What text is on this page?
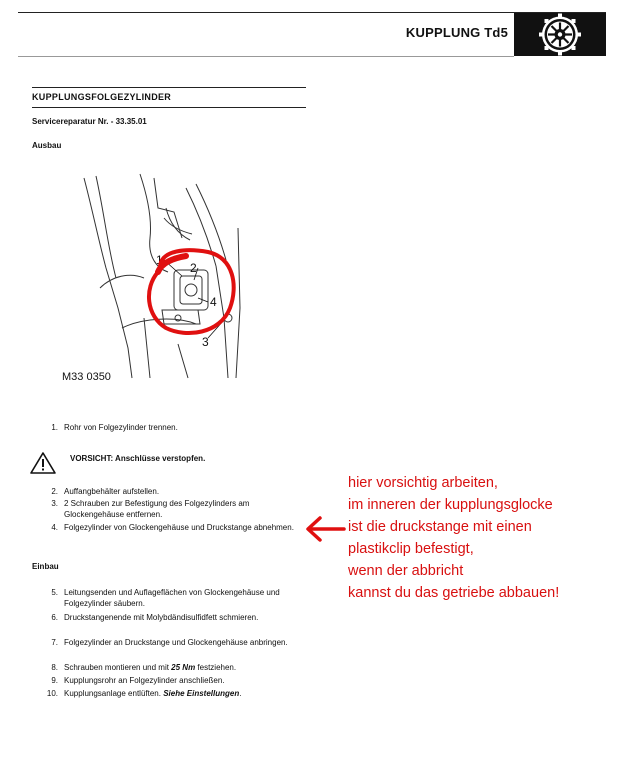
KUPPLUNG Td5
KUPPLUNGSFOLGEZYLINDER
Servicereparatur Nr. - 33.35.01
Ausbau
1
2
3
4
M33 0350
1. Rohr von Folgezylinder trennen.
VORSICHT: Anschlüsse verstopfen.
2. Auffangbehälter aufstellen.
3. 2 Schrauben zur Befestigung des Folgezylinders am Glockengehäuse entfernen.
4. Folgezylinder von Glockengehäuse und Druckstange abnehmen.
Einbau
5. Leitungsenden und Auflageflächen von Glockengehäuse und Folgezylinder säubern.
6. Druckstangenende mit Molybdändisulfidfett schmieren.
7. Folgezylinder an Druckstange und Glockengehäuse anbringen.
8. Schrauben montieren und mit 25 Nm festziehen.
9. Kupplungsrohr an Folgezylinder anschließen.
10. Kupplungsanlage entlüften. Siehe Einstellungen.
hier vorsichtig arbeiten,
im inneren der kupplungsglocke
ist die druckstange mit einen
plastikclip befestigt,
wenn der abbricht
kannst du das getriebe abbauen!
